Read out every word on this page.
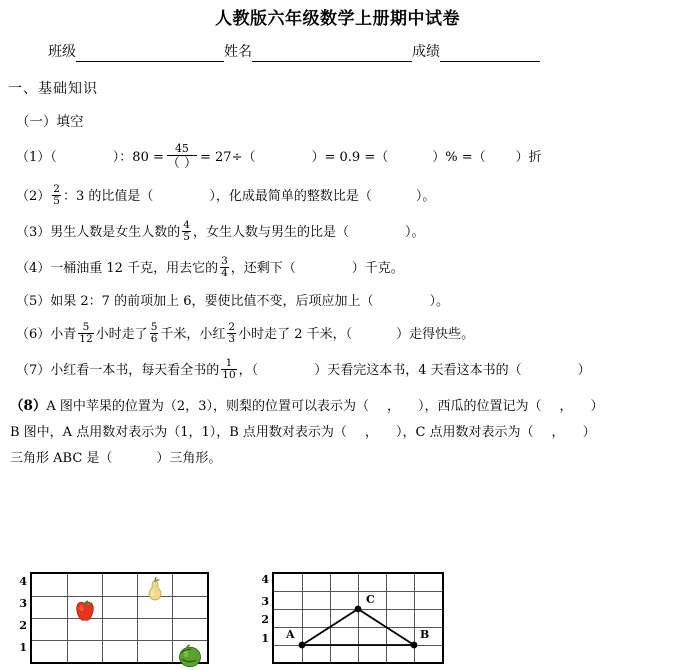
人教版六年级数学上册期中试卷
班级	姓名	成绩
一、基础知识
（一）填空
（1）（	）：$80 = \frac{45}{( )} = 27\div$（	）= 0.9 =（	）% =（ ）折
$(2) \frac{2}{5}$ ：3 的比值是（	），化成最简单的整数比是（	）。
（3）男生人数是女生人数的 $\frac{4}{5}$ ，女生人数与男生的比是（	）。
（4）一桶油重 12 千克，用去它的 $\frac{3}{4}$ ，还剩下（	）千克。
（5）如果 2：7 的前项加上 6，要使比值不变，后项应加上（	）。
（6）小青 $\frac{5}{12}$ 小时走了 $\frac{5}{6}$ 千米，小红 $\frac{2}{3}$ 小时走了 2 千米，（	）走得快些。
（7）小红看一本书，每天看全书的 $\frac{1}{10}$ ，（	）天看完这本书，4 天看这本书的（	）
（8）A 图中苹果的位置为（2，3），则梨的位置可以表示为（ ， ），西瓜的位置记为（ ， ）
B 图中，A 点用数对表示为（1，1），B 点用数对表示为（ ， ），C 点用数对表示为（ ， ）
三角形 ABC 是（	）三角形。
4
3
2
1
4
3
2
1 A	B
C
